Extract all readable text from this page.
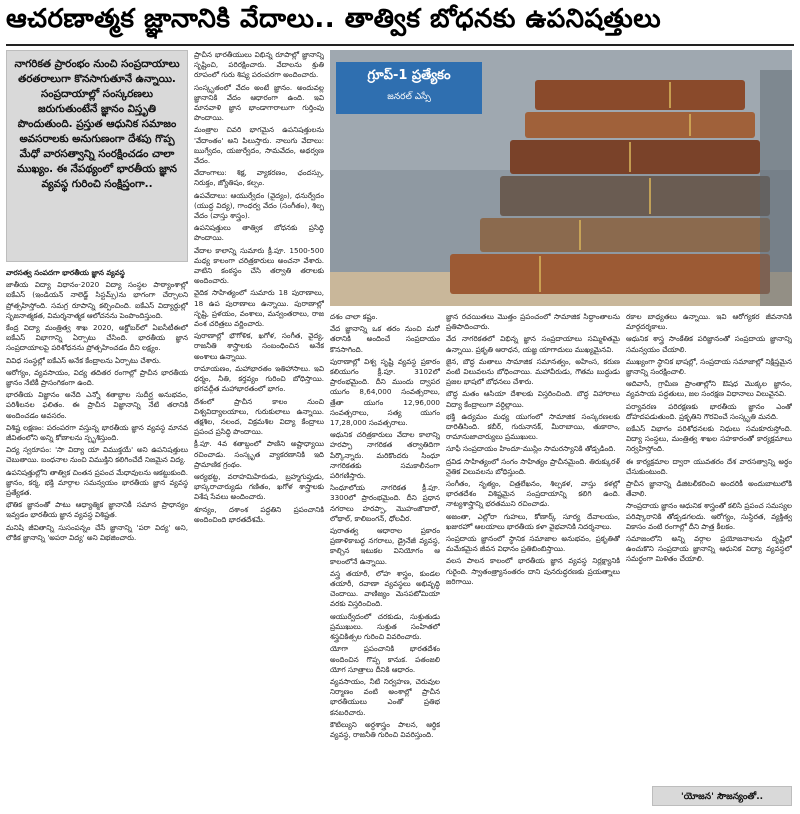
ఆచరణాత్మక జ్ఞానానికి వేదాలు.. తాత్విక బోధనకు ఉపనిషత్తులు
నాగరికత ప్రారంభం నుంచి సంప్రదాయాలు తరతరాలుగా కొనసాగుతూనే ఉన్నాయి. సంప్రదాయాల్లో సంస్కరణలు జరుగుతుంటేనే జ్ఞానం విస్తృతి పొందుతుంది. ప్రస్తుత ఆధునిక సమాజం అవసరాలకు అనుగుణంగా దేశపు గొప్ప మేధో వారసత్వాన్ని సంరక్షించడం చాలా ముఖ్యం. ఈ నేపథ్యంలో భారతీయ జ్ఞాన వ్యవస్థ గురించి సంక్షిప్తంగా..

వారసత్వ సంపదగా భారతీయ జ్ఞాన వ్యవస్థ

జాతీయ విద్యా విధానం-2020 విద్యా సంస్థల పాఠ్యాంశాల్లో ఐకేఎస్ (ఇండియన్ నాలెడ్జ్ సిస్టమ్స్)ను భాగంగా చేర్చాలని ప్రోత్సహిస్తోంది. సమగ్ర రూపాన్ని కల్పించింది. ఐకేఎస్ విద్యార్థుల్లో సృజనాత్మకత, విమర్శనాత్మక ఆలోచనను పెంపొందిస్తుంది.

కేంద్ర విద్యా మంత్రిత్వ శాఖ 2020, అక్టోబర్‌లో ఏఐసీటీఈలో ఐకేఎస్ విభాగాన్ని ఏర్పాటు చేసింది. భారతీయ జ్ఞాన సంప్రదాయాలపై పరిశోధనను ప్రోత్సహించడం దీని లక్ష్యం.

వివిధ సంస్థల్లో ఐకేఎస్ అనేక కేంద్రాలను ఏర్పాటు చేశారు.

ఆరోగ్యం, వ్యవసాయం, విద్య తదితర రంగాల్లో ప్రాచీన భారతీయ జ్ఞానం నేటికీ ప్రాసంగికంగా ఉంది.

భారతీయ విజ్ఞానం అనేది ఎన్నో శతాబ్దాల సుదీర్ఘ అనుభవం, పరిశీలనల ఫలితం. ఈ ప్రాచీన విజ్ఞానాన్ని నేటి తరానికి అందించడం అవసరం.

విశిష్ట లక్షణం: పరంపరగా వస్తున్న భారతీయ జ్ఞాన వ్యవస్థ మానవ జీవితంలోని అన్ని కోణాలను స్పృశిస్తుంది.

విద్య స్వరూపం: 'సా విద్యా యా విముక్తయే' అని ఉపనిషత్తులు చెబుతాయి. బంధనాల నుంచి విముక్తిని కలిగించేదే నిజమైన విద్య.

ఉపనిషత్తుల్లోని తాత్విక చింతన ప్రపంచ మేధావులను ఆకట్టుకుంది. జ్ఞానం, కర్మ, భక్తి మార్గాల సమన్వయం భారతీయ జ్ఞాన వ్యవస్థ ప్రత్యేకత.

భౌతిక జ్ఞానంతో పాటు ఆధ్యాత్మిక జ్ఞానానికీ సమాన ప్రాధాన్యం ఇవ్వడం భారతీయ జ్ఞాన వ్యవస్థ విశిష్టత.

మనిషి జీవితాన్ని సుసంపన్నం చేసే జ్ఞానాన్ని 'పరా విద్య' అని, లౌకిక జ్ఞానాన్ని 'అపరా విద్య' అని విభజించారు.

ప్రాచీన భారతీయులు విభిన్న రూపాల్లో జ్ఞానాన్ని సృష్టించి, పరిరక్షించారు. వేదాలను శ్రుతి రూపంలో గురు శిష్య పరంపరగా అందించారు.

సంస్కృతంలో వేదం అంటే జ్ఞానం. అందువల్ల జ్ఞానానికి వేదం ఆధారంగా ఉంది. ఇవి మానవాళి జ్ఞాన భాండాగారాలుగా గుర్తింపు పొందాయి.

మంత్రాల చివరి భాగమైన ఉపనిషత్తులను 'వేదాంతం' అని పిలుస్తారు. నాలుగు వేదాలు: ఋగ్వేదం, యజుర్వేదం, సామవేదం, అథర్వణ వేదం.

వేదాంగాలు: శిక్ష, వ్యాకరణం, ఛందస్సు, నిరుక్తం, జ్యోతిషం, కల్పం.

ఉపవేదాలు: ఆయుర్వేదం (వైద్యం), ధనుర్వేదం (యుద్ధ విద్య), గాంధర్వ వేదం (సంగీతం), శిల్ప వేదం (వాస్తు శాస్త్రం).

ఉపనిషత్తులు తాత్విక బోధనకు ప్రసిద్ధి పొందాయి.

వేదాల కాలాన్ని సుమారు క్రీ.పూ. 1500-500 మధ్య కాలంగా చరిత్రకారులు అంచనా వేశారు. వాటిని కంఠస్థం చేసి తర్వాతి తరాలకు అందించారు.

వైదిక సాహిత్యంలో సుమారు 18 పురాణాలు, 18 ఉప పురాణాలు ఉన్నాయి. పురాణాల్లో సృష్టి, ప్రళయం, వంశాలు, మన్వంతరాలు, రాజ వంశ చరిత్రలు వర్ణించారు.

పురాణాల్లో భౌగోళిక, ఖగోళ, సంగీత, వైద్య, రాజనీతి శాస్త్రాలకు సంబంధించిన అనేక అంశాలు ఉన్నాయి.

రామాయణం, మహాభారతం ఇతిహాసాలు. ఇవి ధర్మం, నీతి, కర్తవ్యం గురించి బోధిస్తాయి. భగవద్గీత మహాభారతంలో భాగం.

దేశంలో ప్రాచీన కాలం నుంచి విశ్వవిద్యాలయాలు, గురుకులాలు ఉన్నాయి. తక్షశిల, నలంద, విక్రమశిల విద్యా కేంద్రాలు ప్రపంచ ప్రసిద్ధి పొందాయి.

క్రీ.పూ. 4వ శతాబ్దంలో పాణిని అష్టాధ్యాయి రచించాడు. సంస్కృత వ్యాకరణానికి ఇది ప్రామాణిక గ్రంథం.

ఆర్యభట్ట, వరాహమిహిరుడు, బ్రహ్మగుప్తుడు, భాస్కరాచార్యుడు గణితం, ఖగోళ శాస్త్రాలకు విశేష సేవలు అందించారు.

శూన్యం, దశాంశ పద్ధతిని ప్రపంచానికి అందించింది భారతదేశమే.

గ్రూప్-1 ప్రత్యేకం
జనరల్ ఎస్సే

దశం చాలా కష్టం.

వేద జ్ఞానాన్ని ఒక తరం నుంచి మరో తరానికి అందించే సంప్రదాయం కొనసాగింది.

పురాణాల్లో విశ్వ సృష్టి వ్యవస్థ ప్రకారం కలియుగం క్రీ.పూ. 3102లో ప్రారంభమైంది. దీని ముందు ద్వాపర యుగం 8,64,000 సంవత్సరాలు, త్రేతా యుగం 12,96,000 సంవత్సరాలు, సత్య యుగం 17,28,000 సంవత్సరాలు.

ఆధునిక చరిత్రకారులు వేదాల కాలాన్ని హరప్పా నాగరికత తర్వాతిదిగా పేర్కొన్నారు. మరికొందరు సింధూ నాగరికతకు సమకాలీనంగా పరిగణిస్తారు.

సింధూలోయ నాగరికత క్రీ.పూ. 3300లో ప్రారంభమైంది. దీని ప్రధాన నగరాలు హరప్పా, మొహంజొదారో, లోథాల్, కాలిబంగన్, ధోలవీర.

పురాతత్వ ఆధారాల ప్రకారం ప్రణాళికాబద్ధ నగరాలు, డ్రైనేజీ వ్యవస్థ, కాల్చిన ఇటుకల వినియోగం ఆ కాలంలోనే ఉన్నాయి.

వస్త్ర తయారీ, లోహ శాస్త్రం, కుండల తయారీ, రవాణా వ్యవస్థలు అభివృద్ధి చెందాయి. వాణిజ్యం మెసపటోమియా వరకు విస్తరించింది.

ఆయుర్వేదంలో చరకుడు, సుశ్రుతుడు ప్రముఖులు. సుశ్రుత సంహితలో శస్త్రచికిత్సల గురించి వివరించారు.

యోగా ప్రపంచానికి భారతదేశం అందించిన గొప్ప కానుక. పతంజలి యోగ సూత్రాలు దీనికి ఆధారం.

వ్యవసాయం, నీటి నిర్వహణ, చెరువుల నిర్మాణం వంటి అంశాల్లో ప్రాచీన భారతీయులు ఎంతో ప్రతిభ కనబరిచారు.

కౌటిల్యుని అర్థశాస్త్రం పాలన, ఆర్థిక వ్యవస్థ, రాజనీతి గురించి వివరిస్తుంది.

జ్ఞాన రచయితలు మొత్తం ప్రపంచంలో సామాజిక సిద్ధాంతాలను ప్రతిపాదించారు.

వేద నాగరికతలో విభిన్న జ్ఞాన సంప్రదాయాలు సమ్మిళితమై ఉన్నాయి. ప్రకృతి ఆరాధన, యజ్ఞ యాగాదులు ముఖ్యమైనవి.

జైన, బౌద్ధ మతాలు సామాజిక సమానత్వం, అహింస, కరుణ వంటి విలువలను బోధించాయి. మహావీరుడు, గౌతమ బుద్ధుడు ప్రజల భాషలో బోధనలు చేశారు.

బౌద్ధ మతం ఆసియా దేశాలకు విస్తరించింది. బౌద్ధ విహారాలు విద్యా కేంద్రాలుగా వర్ధిల్లాయి.

భక్తి ఉద్యమం మధ్య యుగంలో సామాజిక సంస్కరణలకు దారితీసింది. కబీర్, గురునానక్, మీరాబాయి, తుకారాం, రామానుజాచార్యులు ప్రముఖులు.

సూఫీ సంప్రదాయం హిందూ-ముస్లిం సామరస్యానికి తోడ్పడింది.

ద్రవిడ సాహిత్యంలో సంగం సాహిత్యం ప్రాచీనమైంది. తిరుక్కురళ్ నైతిక విలువలను బోధిస్తుంది.

సంగీతం, నృత్యం, చిత్రలేఖనం, శిల్పకళ, వాస్తు కళల్లో భారతదేశం విశిష్టమైన సంప్రదాయాన్ని కలిగి ఉంది. నాట్యశాస్త్రాన్ని భరతముని రచించాడు.

అజంతా, ఎల్లోరా గుహలు, కోణార్క్ సూర్య దేవాలయం, ఖజురహో ఆలయాలు భారతీయ కళా వైభవానికి నిదర్శనాలు.

సంప్రదాయ జ్ఞానంలో స్థానిక సమాజాల అనుభవం, ప్రకృతితో మమేకమైన జీవన విధానం ప్రతిబింబిస్తాయి.

వలస పాలన కాలంలో భారతీయ జ్ఞాన వ్యవస్థ నిర్లక్ష్యానికి గురైంది. స్వాతంత్ర్యానంతరం దాని పునరుద్ధరణకు ప్రయత్నాలు జరిగాయి.

రకాల బాధ్యతలు ఉన్నాయి. ఇవి ఆరోగ్యకర జీవనానికి మార్గదర్శకాలు.

ఆధునిక శాస్త్ర సాంకేతిక పరిజ్ఞానంతో సంప్రదాయ జ్ఞానాన్ని సమన్వయం చేయాలి.

ముఖ్యంగా స్థానిక భాషల్లో, సంప్రదాయ సమాజాల్లో నిక్షిప్తమైన జ్ఞానాన్ని సంరక్షించాలి.

ఆదివాసీ, గ్రామీణ ప్రాంతాల్లోని ఔషధ మొక్కల జ్ఞానం, వ్యవసాయ పద్ధతులు, జల సంరక్షణ విధానాలు విలువైనవి.

పర్యావరణ పరిరక్షణకు భారతీయ జ్ఞానం ఎంతో దోహదపడుతుంది. ప్రకృతిని గౌరవించే సంస్కృతి మనది.

ఐకేఎస్ విభాగం పరిశోధనలకు నిధులు సమకూరుస్తోంది. విద్యా సంస్థలు, మంత్రిత్వ శాఖల సహకారంతో కార్యక్రమాలు నిర్వహిస్తోంది.

ఈ కార్యక్రమాల ద్వారా యువతరం దేశ వారసత్వాన్ని అర్థం చేసుకుంటుంది.

ప్రాచీన జ్ఞానాన్ని డిజిటలీకరించి అందరికీ అందుబాటులోకి తేవాలి.

సాంప్రదాయ జ్ఞానం ఆధునిక శాస్త్రంతో కలిసి ప్రపంచ సమస్యల పరిష్కారానికి తోడ్పడగలదు. ఆరోగ్యం, సుస్థిరత, వ్యక్తిత్వ వికాసం వంటి రంగాల్లో దీని పాత్ర కీలకం.

సమాజంలోని అన్ని వర్గాల ప్రయోజనాలను దృష్టిలో ఉంచుకొని సంప్రదాయ జ్ఞానాన్ని ఆధునిక విద్యా వ్యవస్థలో సమర్థంగా మిళితం చేయాలి.

'యోజన' సౌజన్యంతో..
